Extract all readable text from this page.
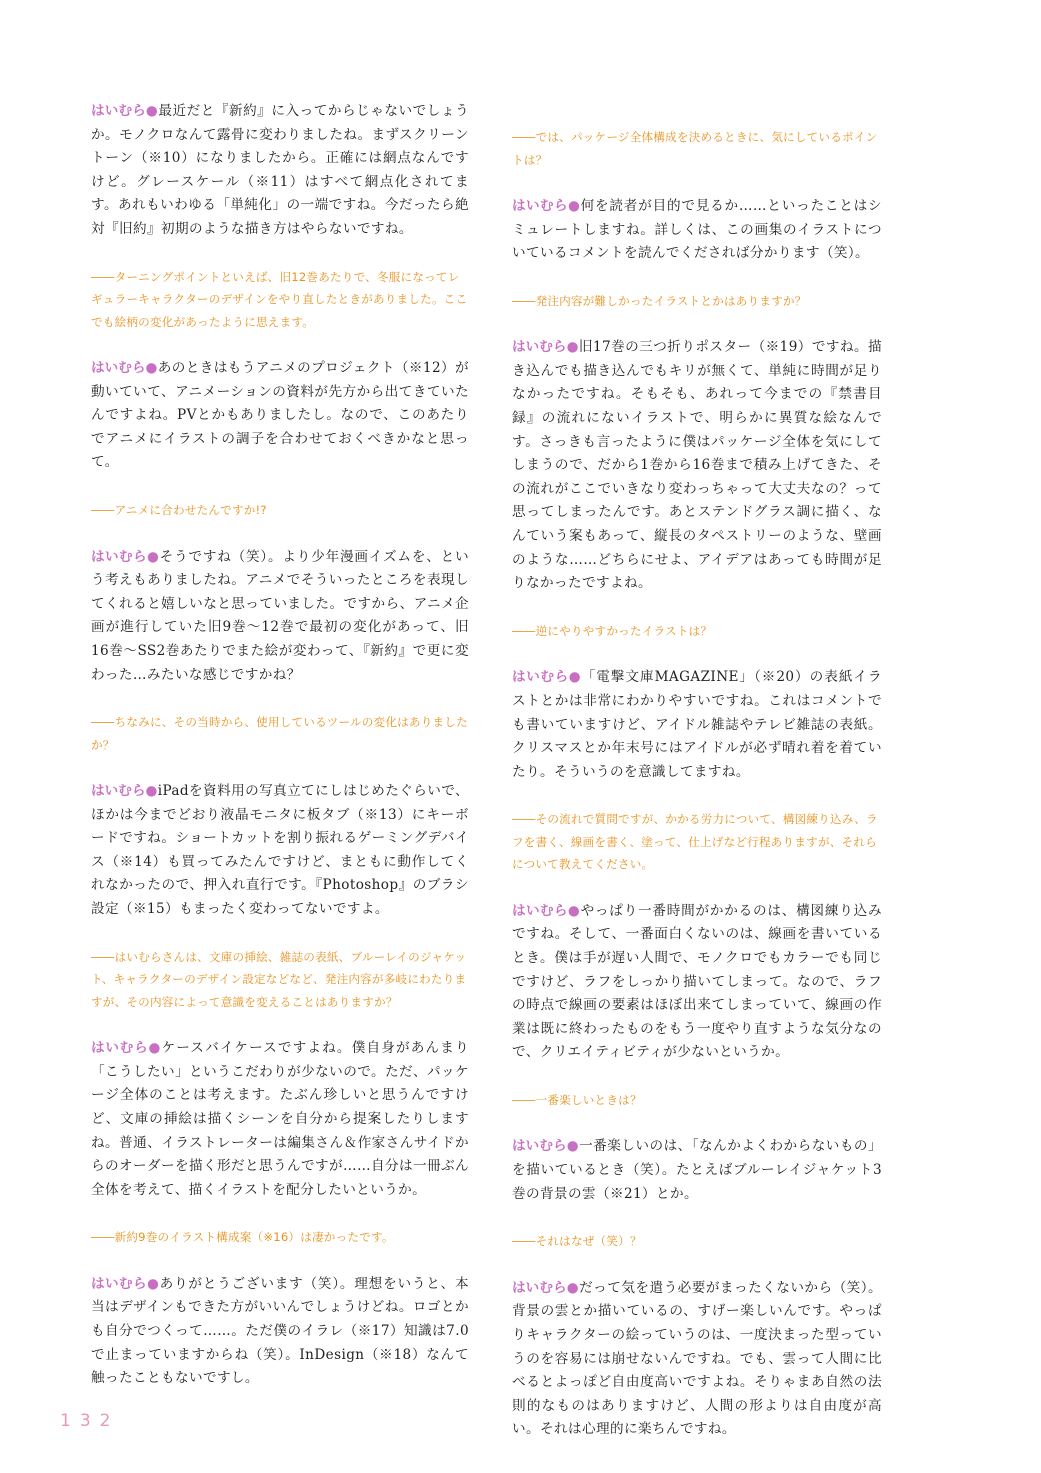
はいむら●最近だと『新約』に入ってからじゃないでしょうか。モノクロなんて露骨に変わりましたね。まずスクリーントーン（※10）になりましたから。正確には網点なんですけど。グレースケール（※11）はすべて網点化されてます。あれもいわゆる「単純化」の一端ですね。今だったら絶対『旧約』初期のような描き方はやらないですね。

――ターニングポイントといえば、旧12巻あたりで、冬服になってレギュラーキャラクターのデザインをやり直したときがありました。ここでも絵柄の変化があったように思えます。

はいむら●あのときはもうアニメのプロジェクト（※12）が動いていて、アニメーションの資料が先方から出てきていたんですよね。PVとかもありましたし。なので、このあたりでアニメにイラストの調子を合わせておくべきかなと思って。

――アニメに合わせたんですか!?

はいむら●そうですね（笑）。より少年漫画イズムを、という考えもありましたね。アニメでそういったところを表現してくれると嬉しいなと思っていました。ですから、アニメ企画が進行していた旧9巻～12巻で最初の変化があって、旧16巻～SS2巻あたりでまた絵が変わって、『新約』で更に変わった…みたいな感じですかね？

――ちなみに、その当時から、使用しているツールの変化はありましたか？

はいむら●iPadを資料用の写真立てにしはじめたぐらいで、ほかは今までどおり液晶モニタに板タブ（※13）にキーボードですね。ショートカットを割り振れるゲーミングデバイス（※14）も買ってみたんですけど、まともに動作してくれなかったので、押入れ直行です。『Photoshop』のブラシ設定（※15）もまったく変わってないですよ。

――はいむらさんは、文庫の挿絵、雑誌の表紙、ブルーレイのジャケット、キャラクターのデザイン設定などなど、発注内容が多岐にわたりますが、その内容によって意識を変えることはありますか？

はいむら●ケースバイケースですよね。僕自身があんまり「こうしたい」というこだわりが少ないので。ただ、パッケージ全体のことは考えます。たぶん珍しいと思うんですけど、文庫の挿絵は描くシーンを自分から提案したりしますね。普通、イラストレーターは編集さん＆作家さんサイドからのオーダーを描く形だと思うんですが……自分は一冊ぶん全体を考えて、描くイラストを配分したいというか。

――新約9巻のイラスト構成案（※16）は凄かったです。

はいむら●ありがとうございます（笑）。理想をいうと、本当はデザインもできた方がいいんでしょうけどね。ロゴとかも自分でつくって……。ただ僕のイラレ（※17）知識は7.0で止まっていますからね（笑）。InDesign（※18）なんて触ったこともないですし。

――では、パッケージ全体構成を決めるときに、気にしているポイントは？

はいむら●何を読者が目的で見るか……といったことはシミュレートしますね。詳しくは、この画集のイラストについているコメントを読んでくだされば分かります（笑）。

――発注内容が難しかったイラストとかはありますか？

はいむら●旧17巻の三つ折りポスター（※19）ですね。描き込んでも描き込んでもキリが無くて、単純に時間が足りなかったですね。そもそも、あれって今までの『禁書目録』の流れにないイラストで、明らかに異質な絵なんです。さっきも言ったように僕はパッケージ全体を気にしてしまうので、だから1巻から16巻まで積み上げてきた、その流れがここでいきなり変わっちゃって大丈夫なの？って思ってしまったんです。あとステンドグラス調に描く、なんていう案もあって、縦長のタペストリーのような、壁画のような……どちらにせよ、アイデアはあっても時間が足りなかったですよね。

――逆にやりやすかったイラストは？

はいむら●「電撃文庫MAGAZINE」（※20）の表紙イラストとかは非常にわかりやすいですね。これはコメントでも書いていますけど、アイドル雑誌やテレビ雑誌の表紙。クリスマスとか年末号にはアイドルが必ず晴れ着を着ていたり。そういうのを意識してますね。

――その流れで質問ですが、かかる労力について、構図練り込み、ラフを書く、線画を書く、塗って、仕上げなど行程ありますが、それらについて教えてください。

はいむら●やっぱり一番時間がかかるのは、構図練り込みですね。そして、一番面白くないのは、線画を書いているとき。僕は手が遅い人間で、モノクロでもカラーでも同じですけど、ラフをしっかり描いてしまって。なので、ラフの時点で線画の要素はほぼ出来てしまっていて、線画の作業は既に終わったものをもう一度やり直すような気分なので、クリエイティビティが少ないというか。

――一番楽しいときは？

はいむら●一番楽しいのは、「なんかよくわからないもの」を描いているとき（笑）。たとえばブルーレイジャケット3巻の背景の雲（※21）とか。

――それはなぜ（笑）？

はいむら●だって気を遣う必要がまったくないから（笑）。背景の雲とか描いているの、すげー楽しいんです。やっぱりキャラクターの絵っていうのは、一度決まった型っていうのを容易には崩せないんですね。でも、雲って人間に比べるとよっぽど自由度高いですよね。そりゃまあ自然の法則的なものはありますけど、人間の形よりは自由度が高い。それは心理的に楽ちんですね。

132
